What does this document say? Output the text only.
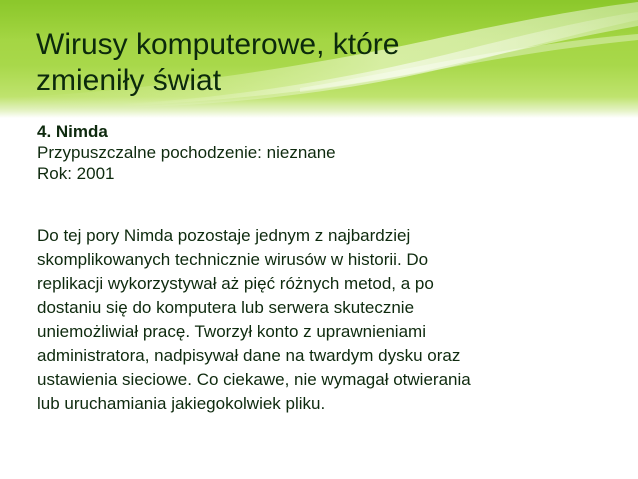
Wirusy komputerowe, które
zmieniły świat
4. Nimda
Przypuszczalne pochodzenie: nieznane
Rok: 2001
Do tej pory Nimda pozostaje jednym z najbardziej
skomplikowanych technicznie wirusów w historii. Do
replikacji wykorzystywał aż pięć różnych metod, a po
dostaniu się do komputera lub serwera skutecznie
uniemożliwiał pracę. Tworzył konto z uprawnieniami
administratora, nadpisywał dane na twardym dysku oraz
ustawienia sieciowe. Co ciekawe, nie wymagał otwierania
lub uruchamiania jakiegokolwiek pliku.
